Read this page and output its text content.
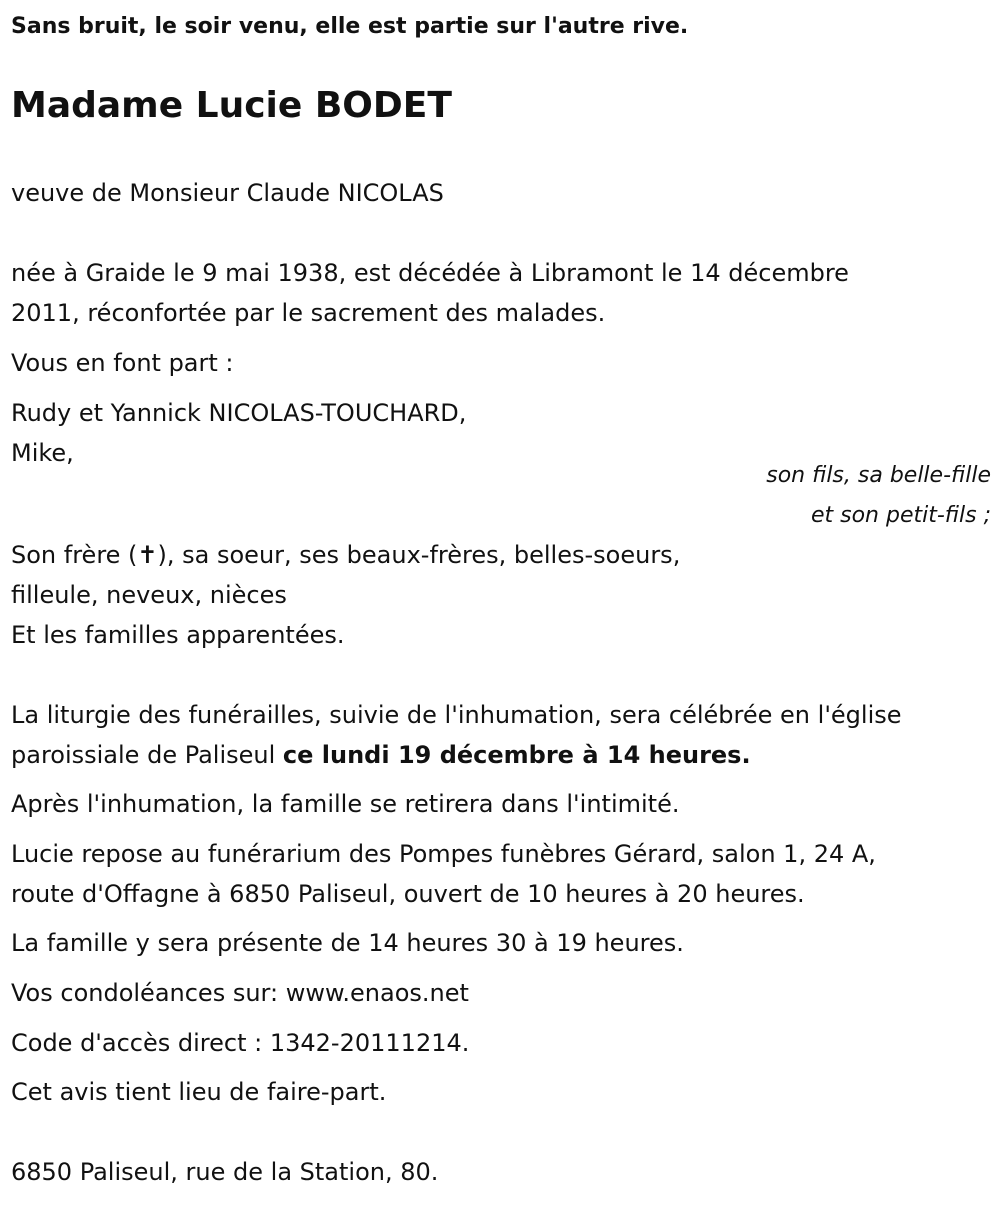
Sans bruit, le soir venu, elle est partie sur l'autre rive.
Madame Lucie BODET
veuve de Monsieur Claude NICOLAS
née à Graide le 9 mai 1938, est décédée à Libramont le 14 décembre
2011, réconfortée par le sacrement des malades.
Vous en font part :
Rudy et Yannick NICOLAS-TOUCHARD,
Mike,
son fils, sa belle-fille
et son petit-fils ;
Son frère (✝), sa soeur, ses beaux-frères, belles-soeurs,
filleule, neveux, nièces
Et les familles apparentées.
La liturgie des funérailles, suivie de l'inhumation, sera célébrée en l'église
paroissiale de Paliseul ce lundi 19 décembre à 14 heures.
Après l'inhumation, la famille se retirera dans l'intimité.
Lucie repose au funérarium des Pompes funèbres Gérard, salon 1, 24 A,
route d'Offagne à 6850 Paliseul, ouvert de 10 heures à 20 heures.
La famille y sera présente de 14 heures 30 à 19 heures.
Vos condoléances sur: www.enaos.net
Code d'accès direct : 1342-20111214.
Cet avis tient lieu de faire-part.
6850 Paliseul, rue de la Station, 80.
